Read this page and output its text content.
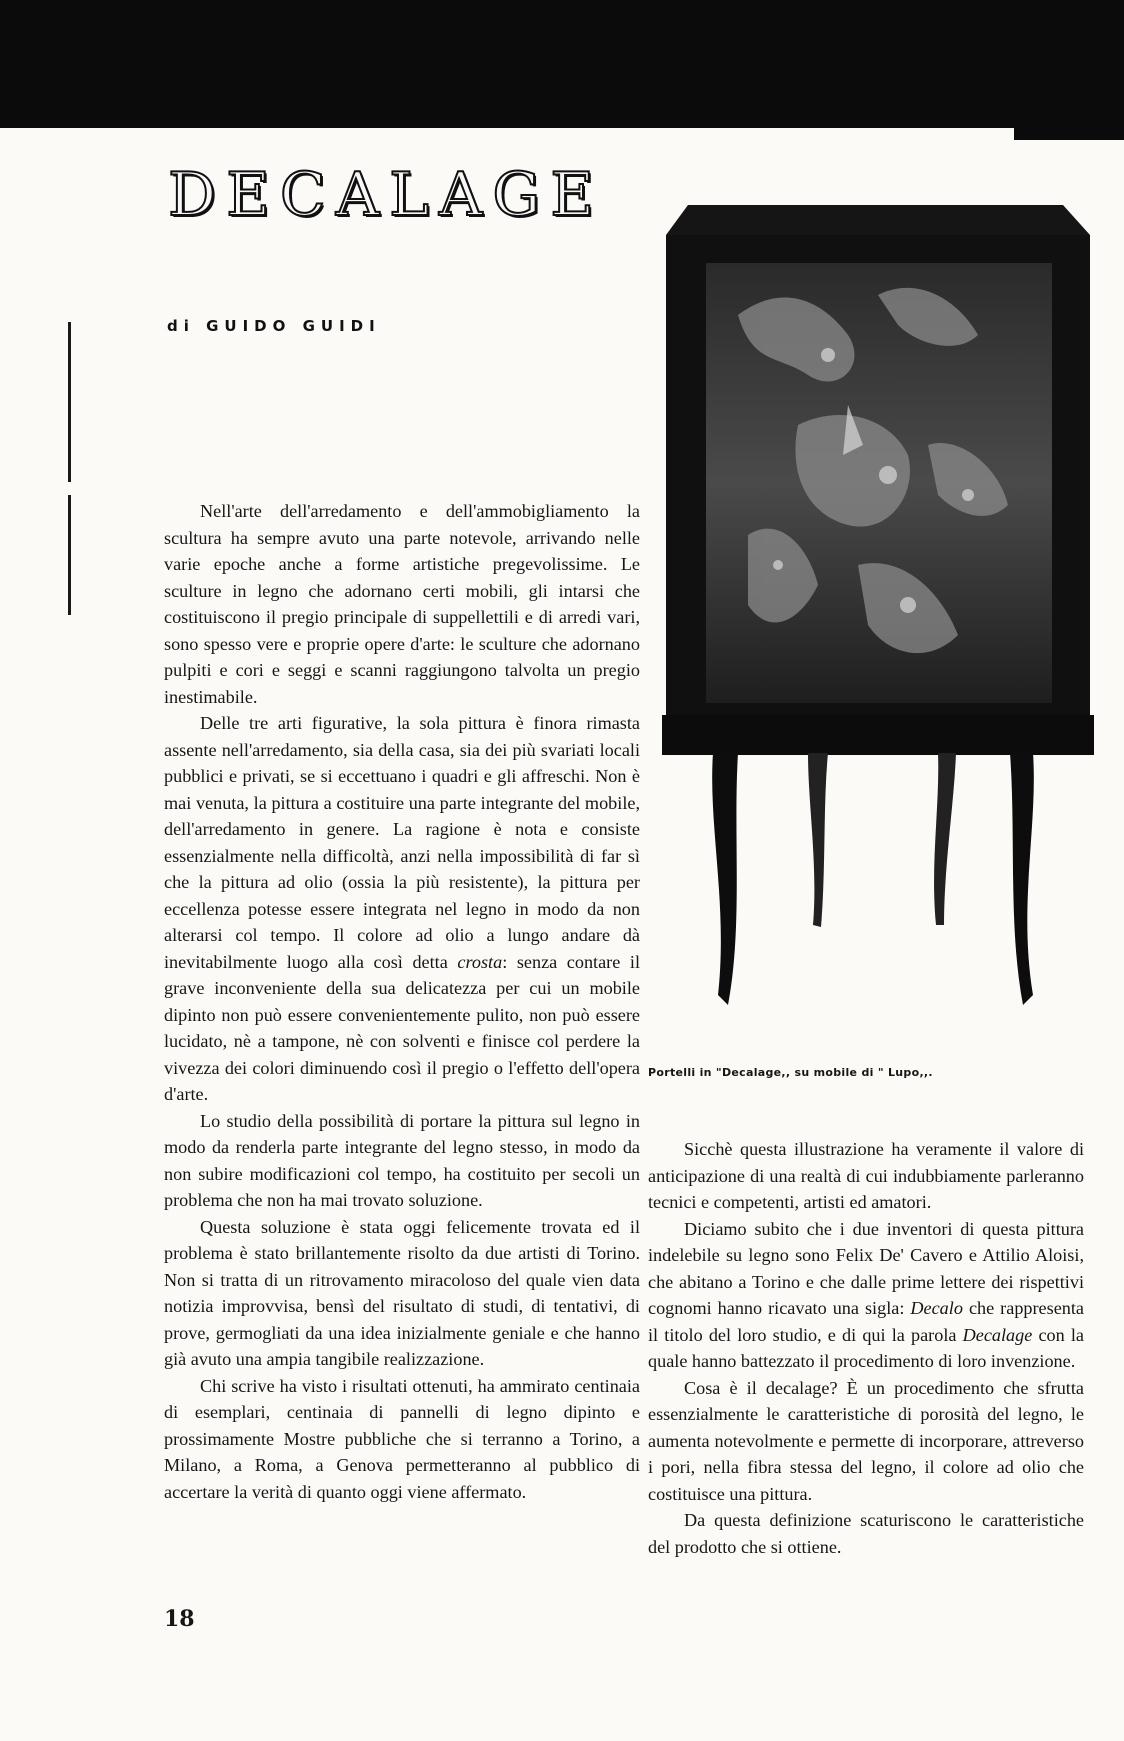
DECALAGE
di GUIDO GUIDI

Nell'arte dell'arredamento e dell'ammobigliamento la scultura ha sempre avuto una parte notevole, arrivando nelle varie epoche anche a forme artistiche pregevolissime. Le sculture in legno che adornano certi mobili, gli intarsi che costituiscono il pregio principale di suppellettili e di arredi vari, sono spesso vere e proprie opere d'arte: le sculture che adornano pulpiti e cori e seggi e scanni raggiungono talvolta un pregio inestimabile.

Delle tre arti figurative, la sola pittura è finora rimasta assente nell'arredamento, sia della casa, sia dei più svariati locali pubblici e privati, se si eccettuano i quadri e gli affreschi. Non è mai venuta, la pittura a costituire una parte integrante del mobile, dell'arredamento in genere. La ragione è nota e consiste essenzialmente nella difficoltà, anzi nella impossibilità di far sì che la pittura ad olio (ossia la più resistente), la pittura per eccellenza potesse essere integrata nel legno in modo da non alterarsi col tempo. Il colore ad olio a lungo andare dà inevitabilmente luogo alla così detta crosta: senza contare il grave inconveniente della sua delicatezza per cui un mobile dipinto non può essere convenientemente pulito, non può essere lucidato, nè a tampone, nè con solventi e finisce col perdere la vivezza dei colori diminuendo così il pregio o l'effetto dell'opera d'arte.

Lo studio della possibilità di portare la pittura sul legno in modo da renderla parte integrante del legno stesso, in modo da non subire modificazioni col tempo, ha costituito per secoli un problema che non ha mai trovato soluzione.

Questa soluzione è stata oggi felicemente trovata ed il problema è stato brillantemente risolto da due artisti di Torino. Non si tratta di un ritrovamento miracoloso del quale vien data notizia improvvisa, bensì del risultato di studi, di tentativi, di prove, germogliati da una idea inizialmente geniale e che hanno già avuto una ampia tangibile realizzazione.

Chi scrive ha visto i risultati ottenuti, ha ammirato centinaia di esemplari, centinaia di pannelli di legno dipinto e prossimamente Mostre pubbliche che si terranno a Torino, a Milano, a Roma, a Genova permetteranno al pubblico di accertare la verità di quanto oggi viene affermato.

Portelli in "Decalage,, su mobile di " Lupo,,.

Sicchè questa illustrazione ha veramente il valore di anticipazione di una realtà di cui indubbiamente parleranno tecnici e competenti, artisti ed amatori.

Diciamo subito che i due inventori di questa pittura indelebile su legno sono Felix De' Cavero e Attilio Aloisi, che abitano a Torino e che dalle prime lettere dei rispettivi cognomi hanno ricavato una sigla: Decalo che rappresenta il titolo del loro studio, e di qui la parola Decalage con la quale hanno battezzato il procedimento di loro invenzione.

Cosa è il decalage? È un procedimento che sfrutta essenzialmente le caratteristiche di porosità del legno, le aumenta notevolmente e permette di incorporare, attreverso i pori, nella fibra stessa del legno, il colore ad olio che costituisce una pittura.

Da questa definizione scaturiscono le caratteristiche del prodotto che si ottiene.

18
